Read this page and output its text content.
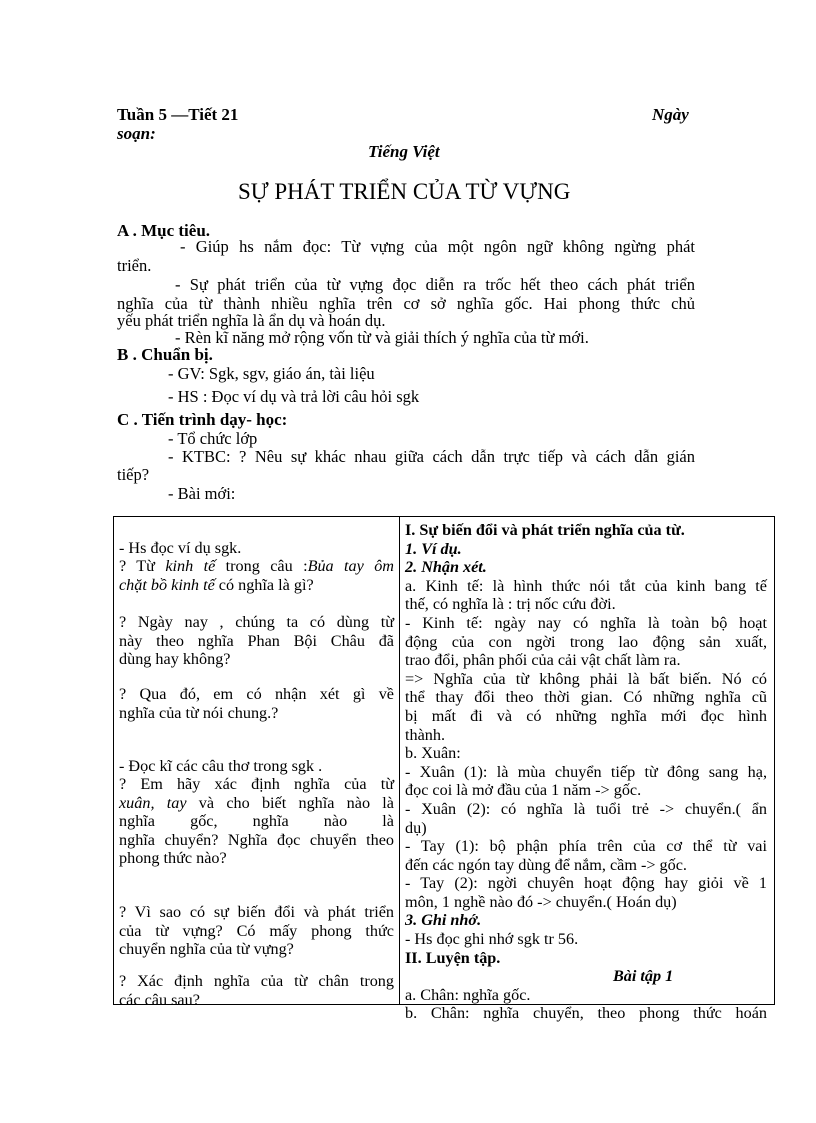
Tuần 5 —Tiết 21	Ngày
soạn:
Tiếng Việt
SỰ PHÁT TRIỂN CỦA TỪ VỰNG
A . Mục tiêu.
- Giúp hs nắm đọc: Từ vựng của một ngôn ngữ không ngừng phát
triển.
- Sự phát triển của từ vựng đọc diễn ra trốc hết theo cách phát triển
nghĩa của từ thành nhiều nghĩa trên cơ sở nghĩa gốc. Hai phong thức chủ
yếu phát triển nghĩa là ẩn dụ và hoán dụ.
- Rèn kĩ năng mở rộng vốn từ và giải thích ý nghĩa của từ mới.
B . Chuẩn bị.
- GV: Sgk, sgv, giáo án, tài liệu
- HS : Đọc ví dụ và trả lời câu hỏi sgk
C . Tiến trình dạy- học:
- Tổ chức lớp
- KTBC: ? Nêu sự khác nhau giữa cách dẫn trực tiếp và cách dẫn gián
tiếp?
- Bài mới:
- Hs đọc ví dụ sgk.
? Từ kinh tế trong câu :Bủa tay ôm
chặt bồ kinh tế có nghĩa là gì?
? Ngày nay , chúng ta có dùng từ
này theo nghĩa Phan Bội Châu đã
dùng hay không?
? Qua đó, em có nhận xét gì về
nghĩa của từ nói chung.?
- Đọc kĩ các câu thơ trong sgk .
? Em hãy xác định nghĩa của từ
xuân, tay và cho biết nghĩa nào là
nghĩa gốc, nghĩa nào là
nghĩa chuyển? Nghĩa đọc chuyển theo
phong thức nào?
? Vì sao có sự biến đổi và phát triển
của từ vựng? Có mấy phong thức
chuyển nghĩa của từ vựng?
? Xác định nghĩa của từ chân trong
các câu sau?
I. Sự biến đổi và phát triển nghĩa của từ.
1. Ví dụ.
2. Nhận xét.
a. Kinh tế: là hình thức nói tắt của kinh bang tế
thế, có nghĩa là : trị nốc cứu đời.
- Kinh tế: ngày nay có nghĩa là toàn bộ hoạt
động của con ngời trong lao động sản xuất,
trao đổi, phân phối của cải vật chất làm ra.
=> Nghĩa của từ không phải là bất biến. Nó có
thể thay đổi theo thời gian. Có những nghĩa cũ
bị mất đi và có những nghĩa mới đọc hình
thành.
b. Xuân:
- Xuân (1): là mùa chuyển tiếp từ đông sang hạ,
đọc coi là mở đầu của 1 năm -> gốc.
- Xuân (2): có nghĩa là tuổi trẻ -> chuyển.( ẩn
dụ)
- Tay (1): bộ phận phía trên của cơ thể từ vai
đến các ngón tay dùng để nắm, cầm -> gốc.
- Tay (2): ngời chuyên hoạt động hay giỏi về 1
môn, 1 nghề nào đó -> chuyển.( Hoán dụ)
3. Ghi nhớ.
- Hs đọc ghi nhớ sgk tr 56.
II. Luyện tập.
Bài tập 1
a. Chân: nghĩa gốc.
b. Chân: nghĩa chuyển, theo phong thức hoán
